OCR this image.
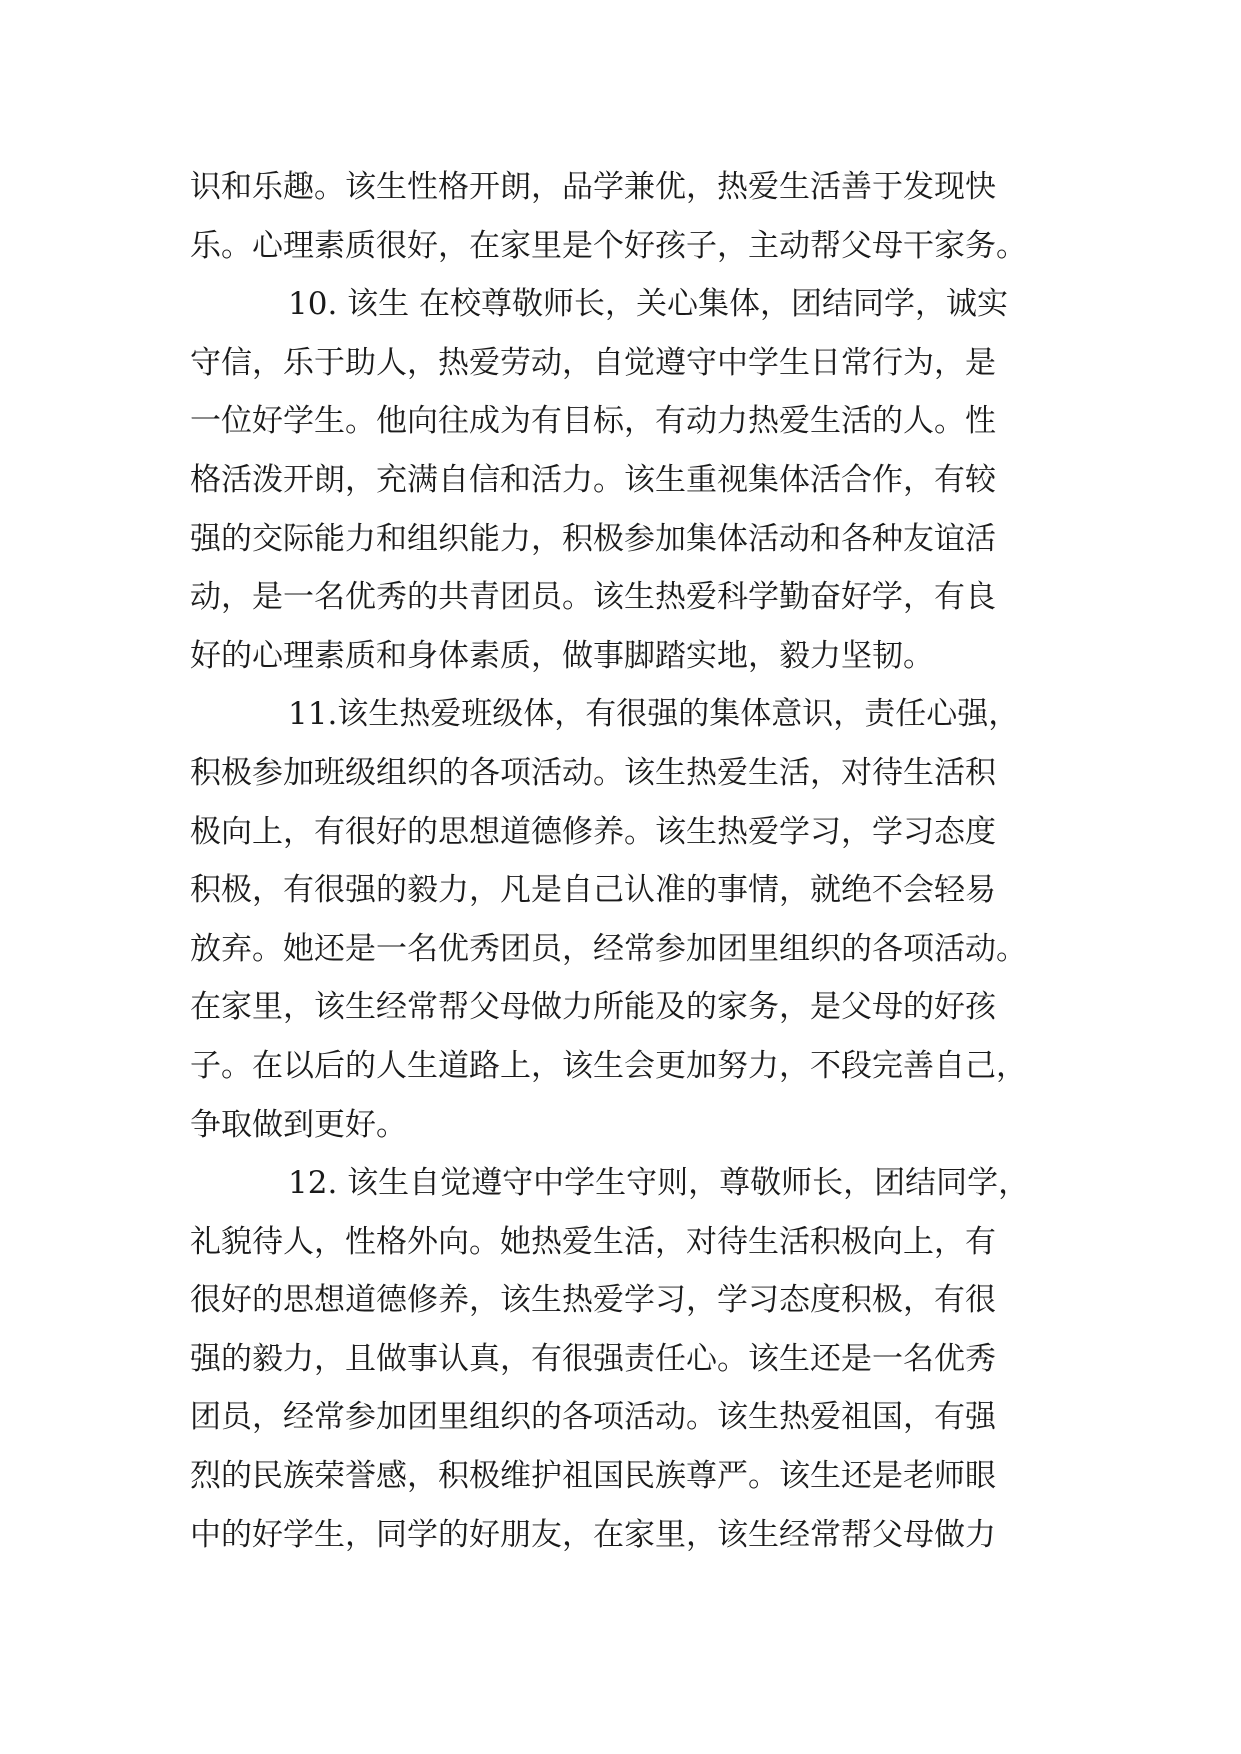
识和乐趣。该生性格开朗，品学兼优，热爱生活善于发现快
乐。心理素质很好，在家里是个好孩子，主动帮父母干家务。
10. 该生 在校尊敬师长，关心集体，团结同学，诚实
守信，乐于助人，热爱劳动，自觉遵守中学生日常行为，是
一位好学生。他向往成为有目标，有动力热爱生活的人。性
格活泼开朗，充满自信和活力。该生重视集体活合作，有较
强的交际能力和组织能力，积极参加集体活动和各种友谊活
动，是一名优秀的共青团员。该生热爱科学勤奋好学，有良
好的心理素质和身体素质，做事脚踏实地，毅力坚韧。
11.该生热爱班级体，有很强的集体意识，责任心强，
积极参加班级组织的各项活动。该生热爱生活，对待生活积
极向上，有很好的思想道德修养。该生热爱学习，学习态度
积极，有很强的毅力，凡是自己认准的事情，就绝不会轻易
放弃。她还是一名优秀团员，经常参加团里组织的各项活动。
在家里，该生经常帮父母做力所能及的家务，是父母的好孩
子。在以后的人生道路上，该生会更加努力，不段完善自己，
争取做到更好。
12. 该生自觉遵守中学生守则，尊敬师长，团结同学，
礼貌待人，性格外向。她热爱生活，对待生活积极向上，有
很好的思想道德修养，该生热爱学习，学习态度积极，有很
强的毅力，且做事认真，有很强责任心。该生还是一名优秀
团员，经常参加团里组织的各项活动。该生热爱祖国，有强
烈的民族荣誉感，积极维护祖国民族尊严。该生还是老师眼
中的好学生，同学的好朋友，在家里，该生经常帮父母做力
